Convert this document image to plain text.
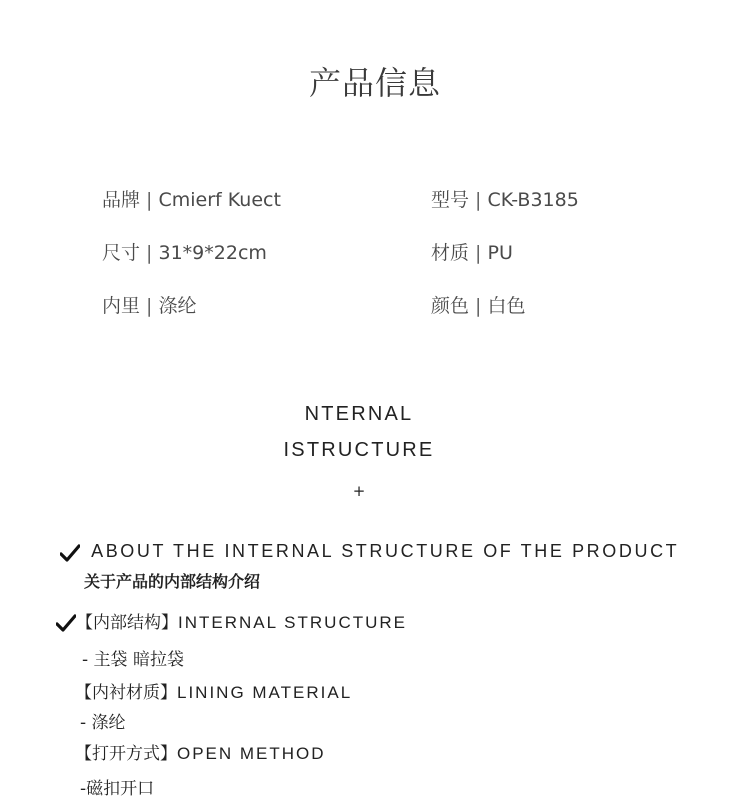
产品信息
品牌 | Cmierf Kuect	型号 | CK-B3185
尺寸 | 31*9*22cm	材质 | PU
内里 | 涤纶	颜色 | 白色
NTERNAL
ISTRUCTURE
+
ABOUT THE INTERNAL STRUCTURE OF THE PRODUCT
关于产品的内部结构介绍
【内部结构】INTERNAL STRUCTURE
- 主袋 暗拉袋
【内衬材质】LINING MATERIAL
- 涤纶
【打开方式】OPEN METHOD
-磁扣开口
